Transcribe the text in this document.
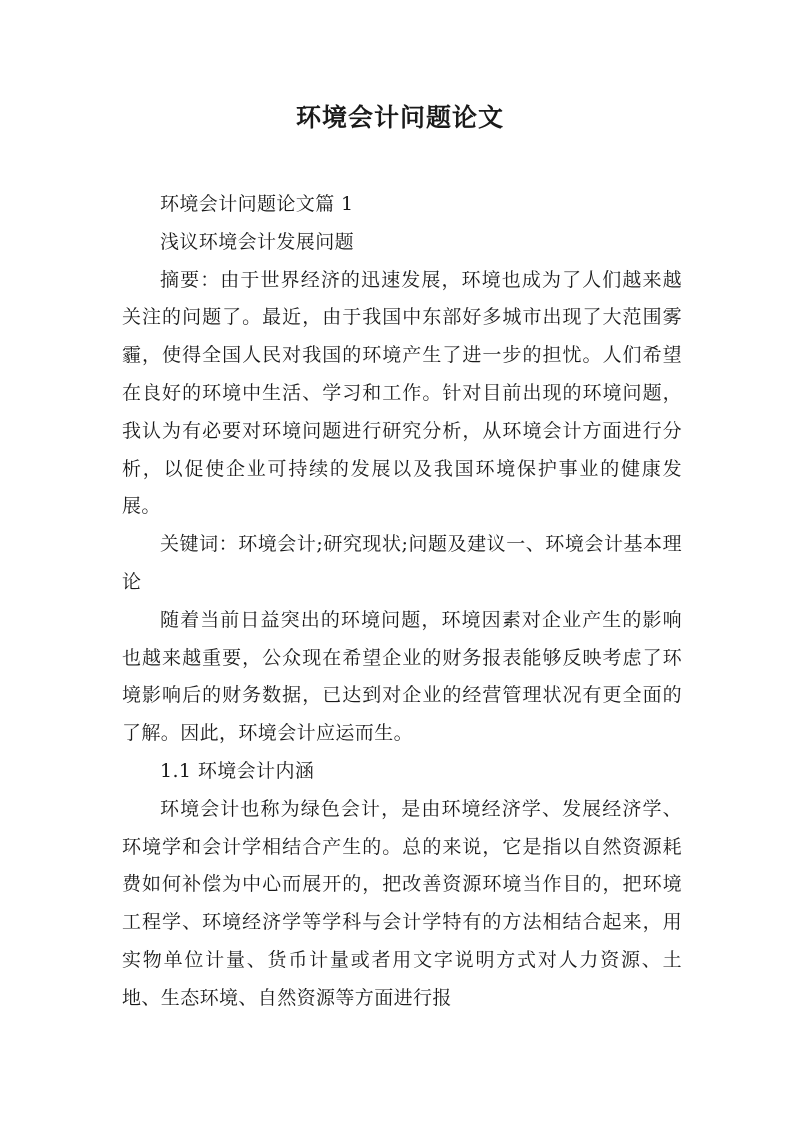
环境会计问题论文

环境会计问题论文篇 1

浅议环境会计发展问题

摘要：由于世界经济的迅速发展，环境也成为了人们越来越关注的问题了。最近，由于我国中东部好多城市出现了大范围雾霾，使得全国人民对我国的环境产生了进一步的担忧。人们希望在良好的环境中生活、学习和工作。针对目前出现的环境问题，我认为有必要对环境问题进行研究分析，从环境会计方面进行分析，以促使企业可持续的发展以及我国环境保护事业的健康发展。

关键词：环境会计;研究现状;问题及建议一、环境会计基本理论

随着当前日益突出的环境问题，环境因素对企业产生的影响也越来越重要，公众现在希望企业的财务报表能够反映考虑了环境影响后的财务数据，已达到对企业的经营管理状况有更全面的了解。因此，环境会计应运而生。

1.1 环境会计内涵

环境会计也称为绿色会计，是由环境经济学、发展经济学、环境学和会计学相结合产生的。总的来说，它是指以自然资源耗费如何补偿为中心而展开的，把改善资源环境当作目的，把环境工程学、环境经济学等学科与会计学特有的方法相结合起来，用实物单位计量、货币计量或者用文字说明方式对人力资源、土地、生态环境、自然资源等方面进行报
